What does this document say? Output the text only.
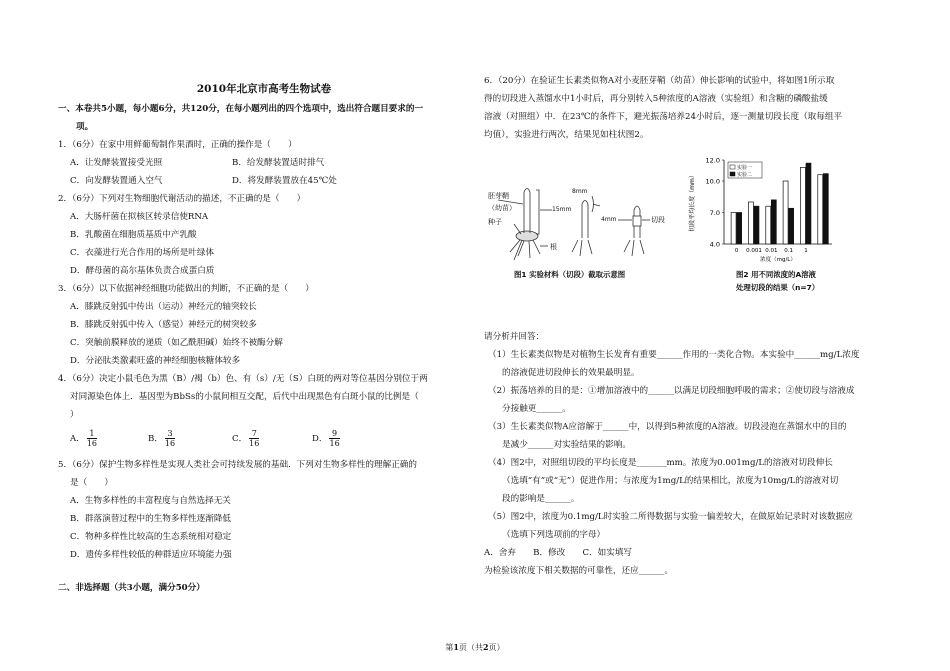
2010年北京市高考生物试卷
一、本卷共5小题，每小题6分，共120分，在每小题列出的四个选项中，选出符合题目要求的一
项。
1．（6分）在家中用鲜葡萄制作果酒时，正确的操作是（　　）
A．让发酵装置接受光照	B．给发酵装置适时排气
C．向发酵装置通入空气	D．将发酵装置放在45℃处
2．（6分）下列对生物细胞代谢活动的描述，不正确的是（　　）
A．大肠杆菌在拟核区转录信使RNA
B．乳酸菌在细胞质基质中产乳酸
C．衣藻进行光合作用的场所是叶绿体
D．酵母菌的高尔基体负责合成蛋白质
3．（6分）以下依据神经细胞功能做出的判断，不正确的是（　　）
A．膝跳反射弧中传出（运动）神经元的轴突较长
B．膝跳反射弧中传入（感觉）神经元的树突较多
C．突触前膜释放的递质（如乙酰胆碱）始终不被酶分解
D．分泌肽类激素旺盛的神经细胞核糖体较多
4．（6分）决定小鼠毛色为黑（B）/褐（b）色、有（s）/无（S）白斑的两对等位基因分别位于两
对同源染色体上．基因型为BbSs的小鼠间相互交配，后代中出现黑色有白斑小鼠的比例是（
）
A． $\frac{1}{16}$	B． $\frac{3}{16}$	C． $\frac{7}{16}$	D． $\frac{9}{16}$
5．（6分）保护生物多样性是实现人类社会可持续发展的基础．下列对生物多样性的理解正确的
是（　　）
A．生物多样性的丰富程度与自然选择无关
B．群落演替过程中的生物多样性逐渐降低
C．物种多样性比较高的生态系统相对稳定
D．遗传多样性较低的种群适应环境能力强
二、非选择题（共3小题，满分50分）
6．（20分）在验证生长素类似物A对小麦胚芽鞘（幼苗）伸长影响的试验中，将如图1所示取
得的切段进入蒸馏水中1小时后，再分别转入5种浓度的A溶液（实验组）和含糖的磷酸盐缓
溶液（对照组）中．在23℃的条件下，避光振荡培养24小时后，逐一测量切段长度（取每组平
均值），实验进行两次，结果见如柱状图2。
胚芽鞘
（幼苗）
种子
根
15mm
8mm
4mm	切段
图1 实验材料（切段）截取示意图
4.0
7.0
10.0
12.0
切段平均长度（mm）
0 0.001 0.01 0.1 1
浓度（mg/L）
实验一
实验二
图2 用不同浓度的A溶液
处理切段的结果（n=7）
请分析并回答：
（1）生长素类似物是对植物生长发育有重要______作用的一类化合物。本实验中______mg/L浓度
的溶液促进切段伸长的效果最明显。
（2）振荡培养的目的是：①增加溶液中的______以满足切段细胞呼吸的需求；②使切段与溶液成
分接触更______。
（3）生长素类似物A应溶解于______中，以得到5种浓度的A溶液。切段浸泡在蒸馏水中的目的
是减少______对实验结果的影响。
（4）图2中，对照组切段的平均长度是_______mm。浓度为0.001mg/L的溶液对切段伸长
（选填“有”或“无”）促进作用；与浓度为1mg/L的结果相比，浓度为10mg/L的溶液对切
段的影响是______。
（5）图2中，浓度为0.1mg/L时实验二所得数据与实验一偏差较大，在做原始记录时对该数据应
（选填下列选项前的字母）
A．舍弃　　B．修改　　C．如实填写
为检验该浓度下相关数据的可靠性，还应______。
第1页（共2页）
